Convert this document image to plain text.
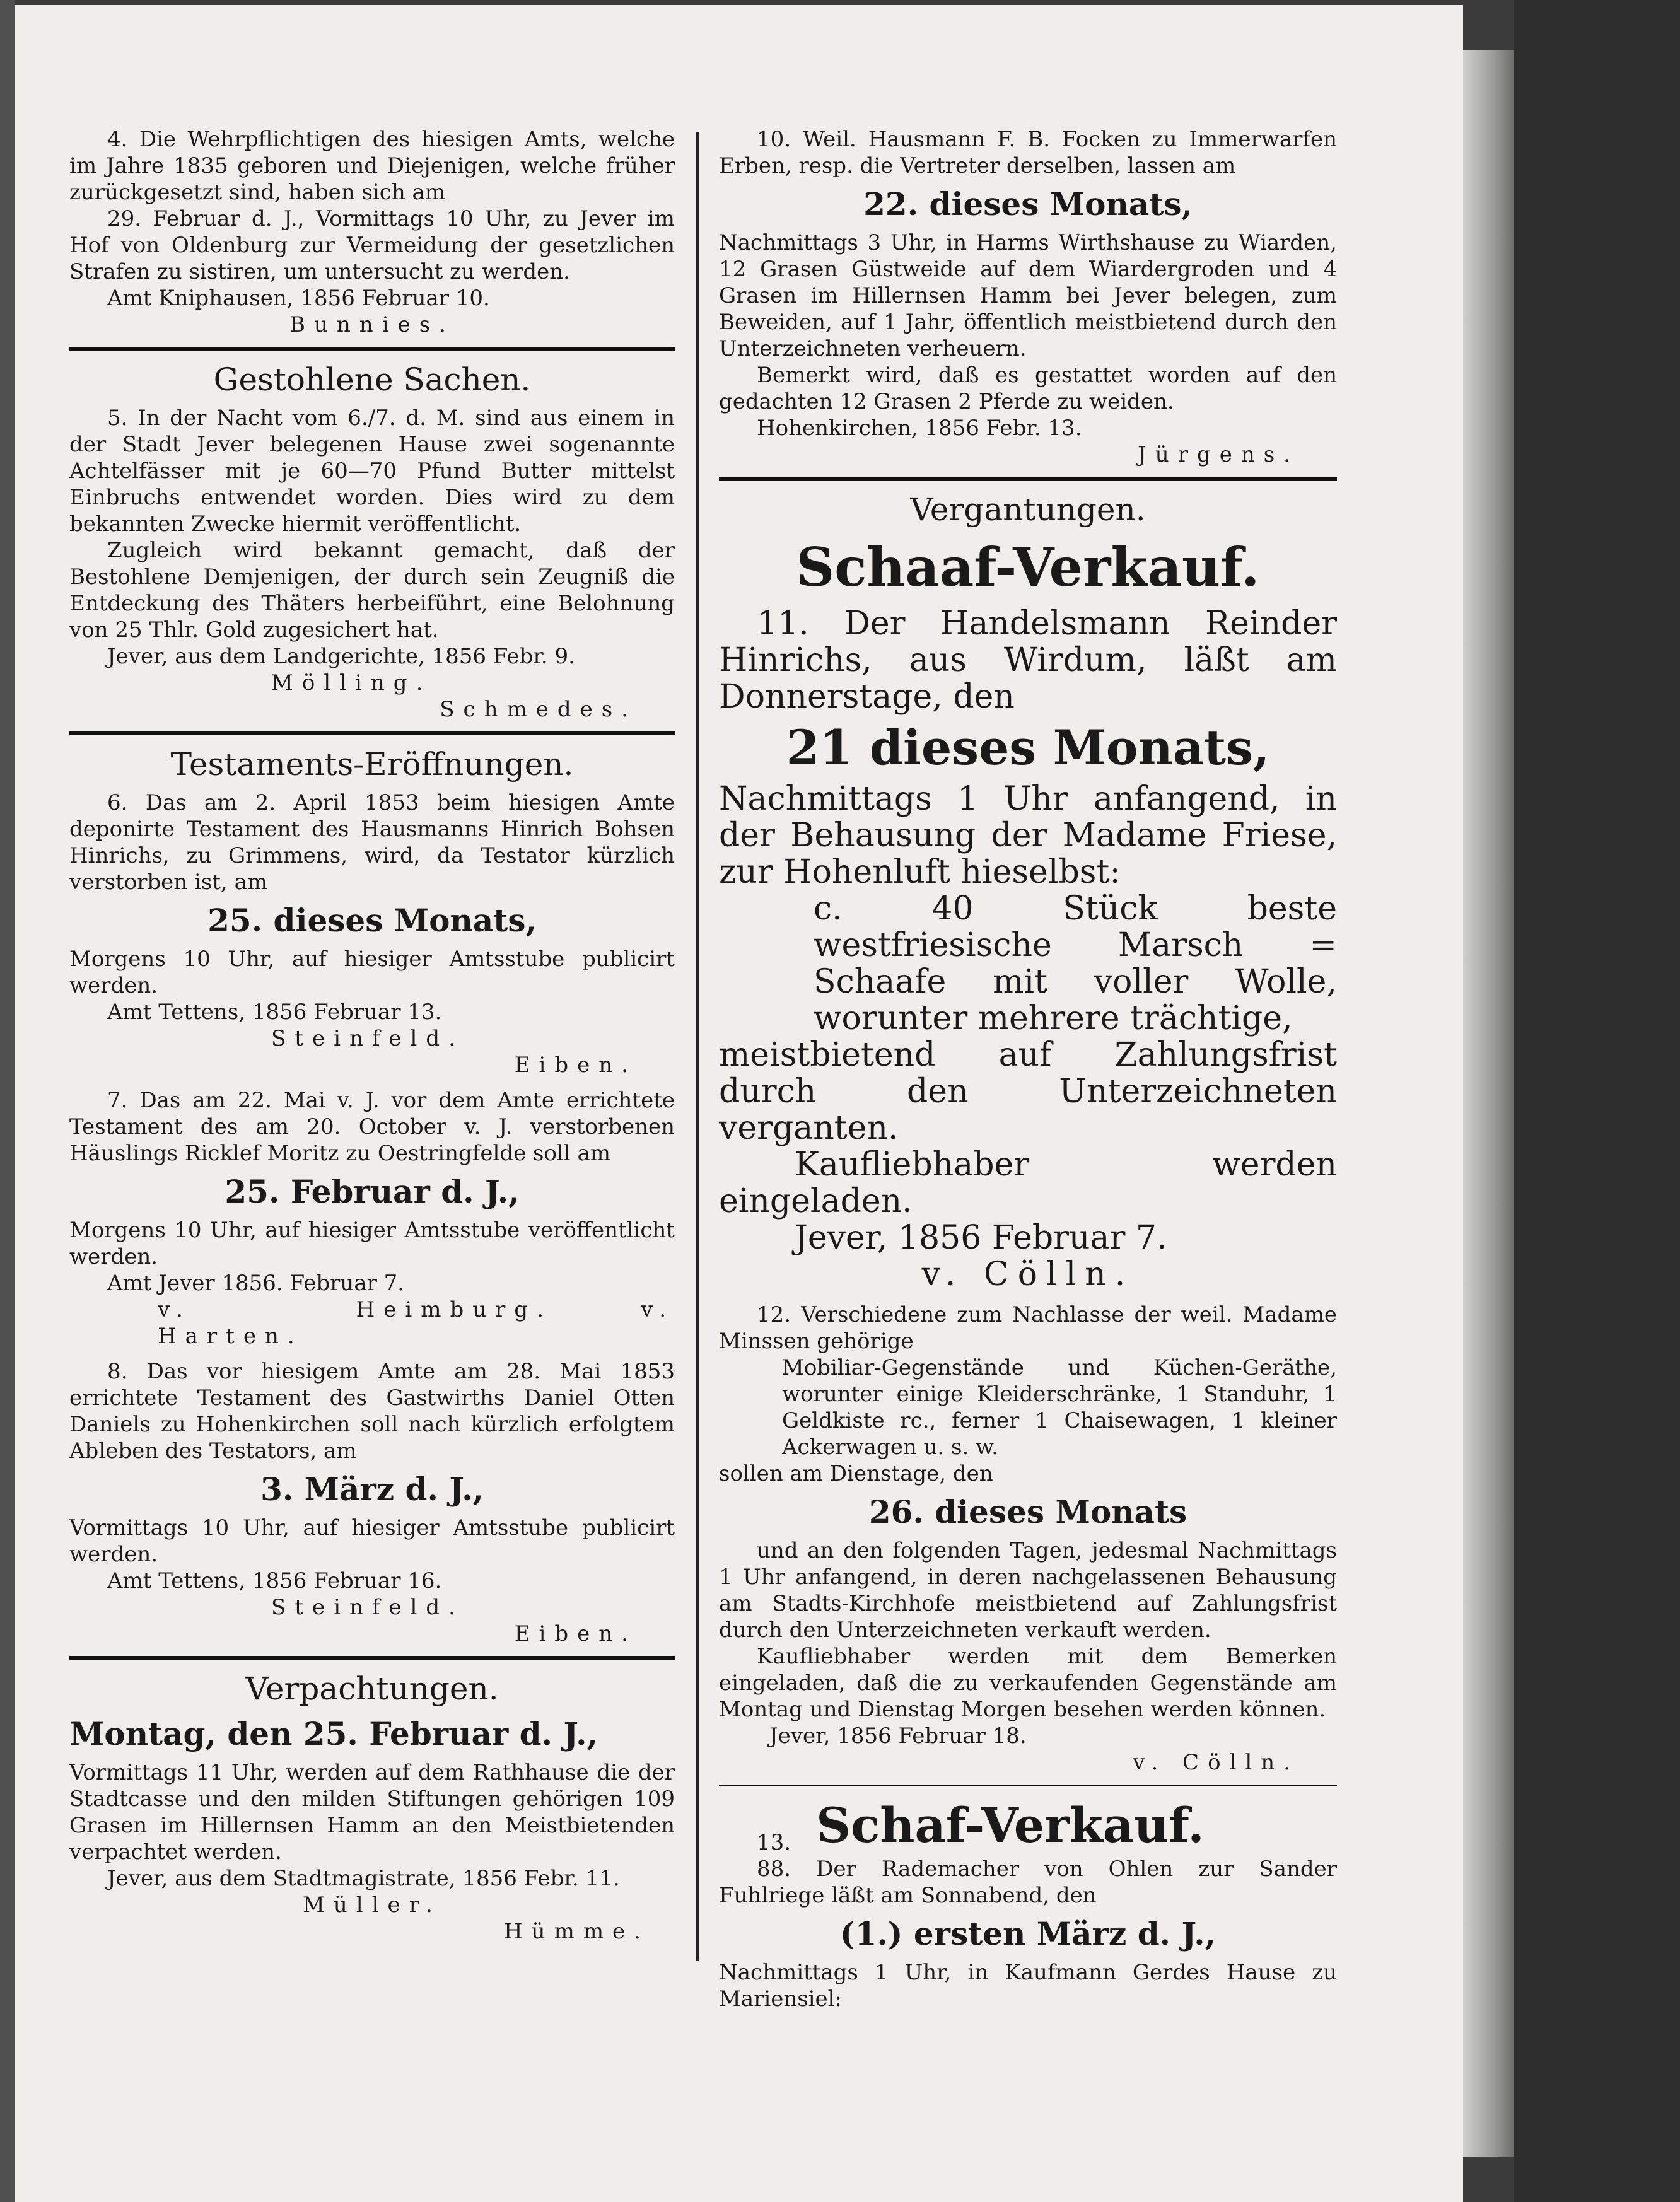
4. Die Wehrpflichtigen des hiesigen Amts, welche im Jahre 1835 geboren und Diejenigen, welche früher zurückgesetzt sind, haben sich am

29. Februar d. J., Vormittags 10 Uhr, zu Jever im Hof von Oldenburg zur Vermeidung der gesetzlichen Strafen zu sistiren, um untersucht zu werden.

Amt Kniphausen, 1856 Februar 10.

Bunnies.

Gestohlene Sachen.

5. In der Nacht vom 6./7. d. M. sind aus einem in der Stadt Jever belegenen Hause zwei sogenannte Achtelfässer mit je 60—70 Pfund Butter mittelst Einbruchs entwendet worden. Dies wird zu dem bekannten Zwecke hiermit veröffentlicht.

Zugleich wird bekannt gemacht, daß der Bestohlene Demjenigen, der durch sein Zeugniß die Entdeckung des Thäters herbeiführt, eine Belohnung von 25 Thlr. Gold zugesichert hat.

Jever, aus dem Landgerichte, 1856 Febr. 9.

Mölling.

Schmedes.

Testaments-Eröffnungen.

6. Das am 2. April 1853 beim hiesigen Amte deponirte Testament des Hausmanns Hinrich Bohsen Hinrichs, zu Grimmens, wird, da Testator kürzlich verstorben ist, am

25. dieses Monats,

Morgens 10 Uhr, auf hiesiger Amtsstube publicirt werden.

Amt Tettens, 1856 Februar 13.

Steinfeld.

Eiben.

7. Das am 22. Mai v. J. vor dem Amte errichtete Testament des am 20. October v. J. verstorbenen Häuslings Ricklef Moritz zu Oestringfelde soll am

25. Februar d. J.,

Morgens 10 Uhr, auf hiesiger Amtsstube veröffentlicht werden.

Amt Jever 1856. Februar 7.

v. Heimburg.	v. Harten.

8. Das vor hiesigem Amte am 28. Mai 1853 errichtete Testament des Gastwirths Daniel Otten Daniels zu Hohenkirchen soll nach kürzlich erfolgtem Ableben des Testators, am

3. März d. J.,

Vormittags 10 Uhr, auf hiesiger Amtsstube publicirt werden.

Amt Tettens, 1856 Februar 16.

Steinfeld.

Eiben.

Verpachtungen.
Montag, den 25. Februar d. J.,

Vormittags 11 Uhr, werden auf dem Rathhause die der Stadtcasse und den milden Stiftungen gehörigen 109 Grasen im Hillernsen Hamm an den Meistbietenden verpachtet werden.

Jever, aus dem Stadtmagistrate, 1856 Febr. 11.

Müller.

Hümme.

10. Weil. Hausmann F. B. Focken zu Immerwarfen Erben, resp. die Vertreter derselben, lassen am

22. dieses Monats,

Nachmittags 3 Uhr, in Harms Wirthshause zu Wiarden, 12 Grasen Güstweide auf dem Wiardergroden und 4 Grasen im Hillernsen Hamm bei Jever belegen, zum Beweiden, auf 1 Jahr, öffentlich meistbietend durch den Unterzeichneten verheuern.

Bemerkt wird, daß es gestattet worden auf den gedachten 12 Grasen 2 Pferde zu weiden.

Hohenkirchen, 1856 Febr. 13.

Jürgens.

Vergantungen.
Schaaf-Verkauf.

11. Der Handelsmann Reinder Hinrichs, aus Wirdum, läßt am Donnerstage, den

21 dieses Monats,

Nachmittags 1 Uhr anfangend, in der Behausung der Madame Friese, zur Hohenluft hieselbst:

c. 40 Stück beste westfriesische Marsch = Schaafe mit voller Wolle, worunter mehrere trächtige,

meistbietend auf Zahlungsfrist durch den Unterzeichneten verganten.

Kaufliebhaber werden eingeladen.

Jever, 1856 Februar 7.

v. Cölln.

12. Verschiedene zum Nachlasse der weil. Madame Minssen gehörige

Mobiliar-Gegenstände und Küchen-Geräthe, worunter einige Kleiderschränke, 1 Standuhr, 1 Geldkiste rc., ferner 1 Chaisewagen, 1 kleiner Ackerwagen u. s. w.

sollen am Dienstage, den

26. dieses Monats

und an den folgenden Tagen, jedesmal Nachmittags 1 Uhr anfangend, in deren nachgelassenen Behausung am Stadts-Kirchhofe meistbietend auf Zahlungsfrist durch den Unterzeichneten verkauft werden.

Kaufliebhaber werden mit dem Bemerken eingeladen, daß die zu verkaufenden Gegenstände am Montag und Dienstag Morgen besehen werden können.

Jever, 1856 Februar 18.

v. Cölln.

13. Schaf-Verkauf.

88. Der Rademacher von Ohlen zur Sander Fuhlriege läßt am Sonnabend, den

(1.) ersten März d. J.,

Nachmittags 1 Uhr, in Kaufmann Gerdes Hause zu Mariensiel:
